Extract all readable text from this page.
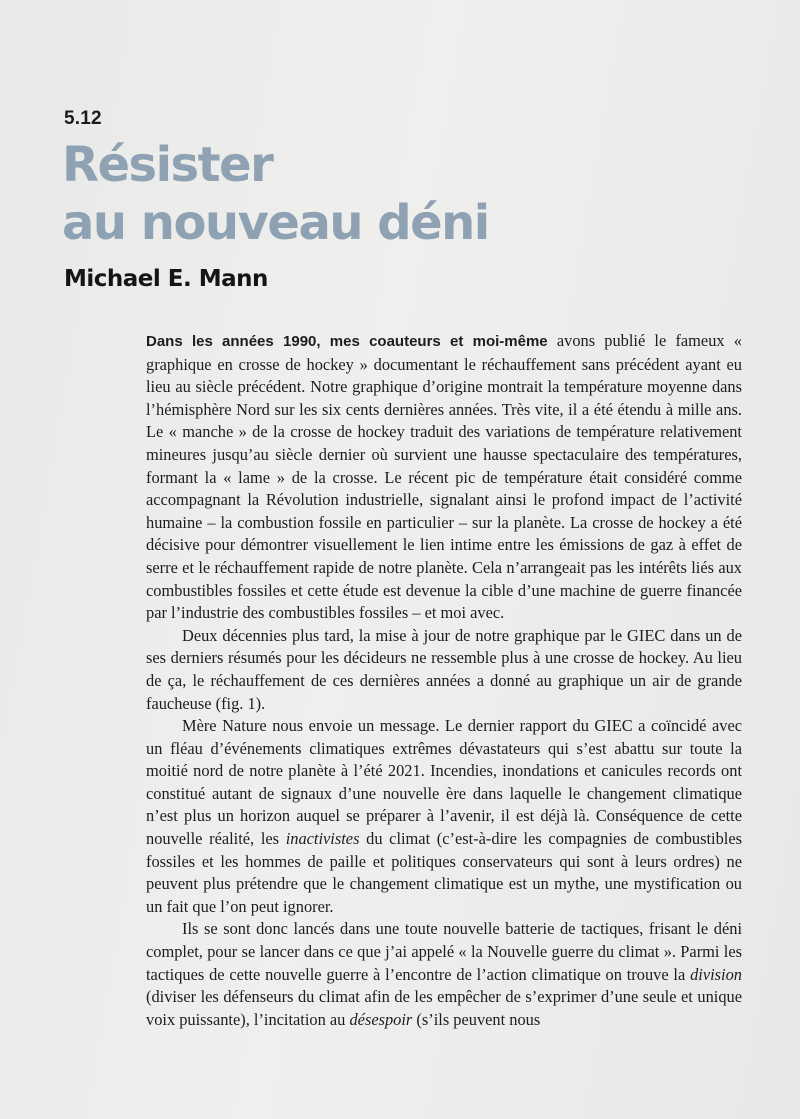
5.12
Résister
au nouveau déni
Michael E. Mann

Dans les années 1990, mes coauteurs et moi-même avons publié le fameux « graphique en crosse de hockey » documentant le réchauffement sans précédent ayant eu lieu au siècle précédent. Notre graphique d’origine montrait la température moyenne dans l’hémisphère Nord sur les six cents dernières années. Très vite, il a été étendu à mille ans. Le « manche » de la crosse de hockey traduit des variations de température relativement mineures jusqu’au siècle dernier où survient une hausse spectaculaire des températures, formant la « lame » de la crosse. Le récent pic de température était considéré comme accompagnant la Révolution industrielle, signalant ainsi le profond impact de l’activité humaine – la combustion fossile en particulier – sur la planète. La crosse de hockey a été décisive pour démontrer visuellement le lien intime entre les émissions de gaz à effet de serre et le réchauffement rapide de notre planète. Cela n’arrangeait pas les intérêts liés aux combustibles fossiles et cette étude est devenue la cible d’une machine de guerre financée par l’industrie des combustibles fossiles – et moi avec.

Deux décennies plus tard, la mise à jour de notre graphique par le GIEC dans un de ses derniers résumés pour les décideurs ne ressemble plus à une crosse de hockey. Au lieu de ça, le réchauffement de ces dernières années a donné au graphique un air de grande faucheuse (fig. 1).

Mère Nature nous envoie un message. Le dernier rapport du GIEC a coïncidé avec un fléau d’événements climatiques extrêmes dévastateurs qui s’est abattu sur toute la moitié nord de notre planète à l’été 2021. Incendies, inondations et canicules records ont constitué autant de signaux d’une nouvelle ère dans laquelle le changement climatique n’est plus un horizon auquel se préparer à l’avenir, il est déjà là. Conséquence de cette nouvelle réalité, les inactivistes du climat (c’est-à-dire les compagnies de combustibles fossiles et les hommes de paille et politiques conservateurs qui sont à leurs ordres) ne peuvent plus prétendre que le changement climatique est un mythe, une mystification ou un fait que l’on peut ignorer.

Ils se sont donc lancés dans une toute nouvelle batterie de tactiques, frisant le déni complet, pour se lancer dans ce que j’ai appelé « la Nouvelle guerre du climat ». Parmi les tactiques de cette nouvelle guerre à l’encontre de l’action climatique on trouve la division (diviser les défenseurs du climat afin de les empêcher de s’exprimer d’une seule et unique voix puissante), l’incitation au désespoir (s’ils peuvent nous
